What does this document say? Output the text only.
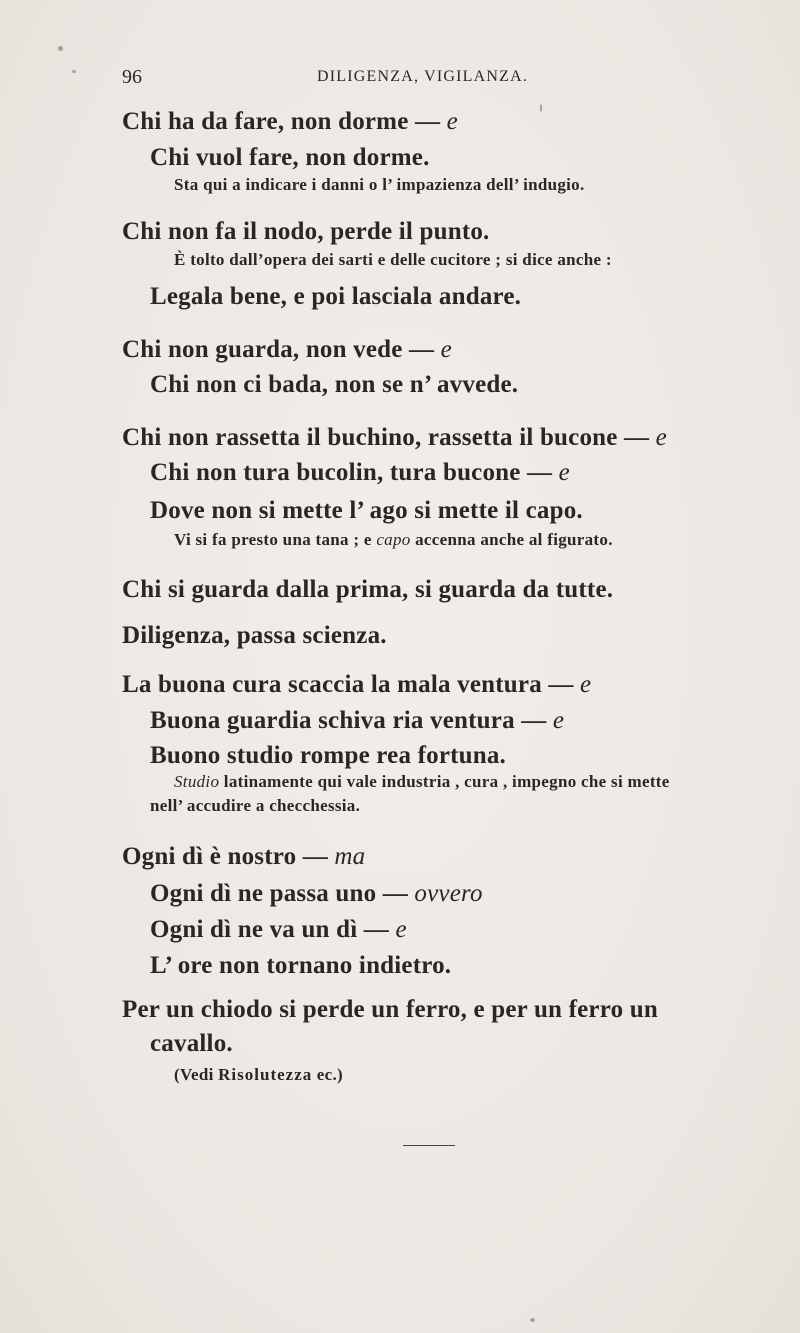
96	DILIGENZA, VIGILANZA.
Chi ha da fare, non dorme — e
Chi vuol fare, non dorme.
Sta qui a indicare i danni o l’ impazienza dell’ indugio.
Chi non fa il nodo, perde il punto.
È tolto dall’opera dei sarti e delle cucitore ; si dice anche :
Legala bene, e poi lasciala andare.
Chi non guarda, non vede — e
Chi non ci bada, non se n’ avvede.
Chi non rassetta il buchino, rassetta il bucone — e
Chi non tura bucolin, tura bucone — e
Dove non si mette l’ ago si mette il capo.
Vi si fa presto una tana ; e capo accenna anche al figurato.
Chi si guarda dalla prima, si guarda da tutte.
Diligenza, passa scienza.
La buona cura scaccia la mala ventura — e
Buona guardia schiva ria ventura — e
Buono studio rompe rea fortuna.
Studio latinamente qui vale industria , cura , impegno che si mette
nell’ accudire a checchessia.
Ogni dì è nostro — ma
Ogni dì ne passa uno — ovvero
Ogni dì ne va un dì — e
L’ ore non tornano indietro.
Per un chiodo si perde un ferro, e per un ferro un
cavallo.
(Vedi Risolutezza ec.)
